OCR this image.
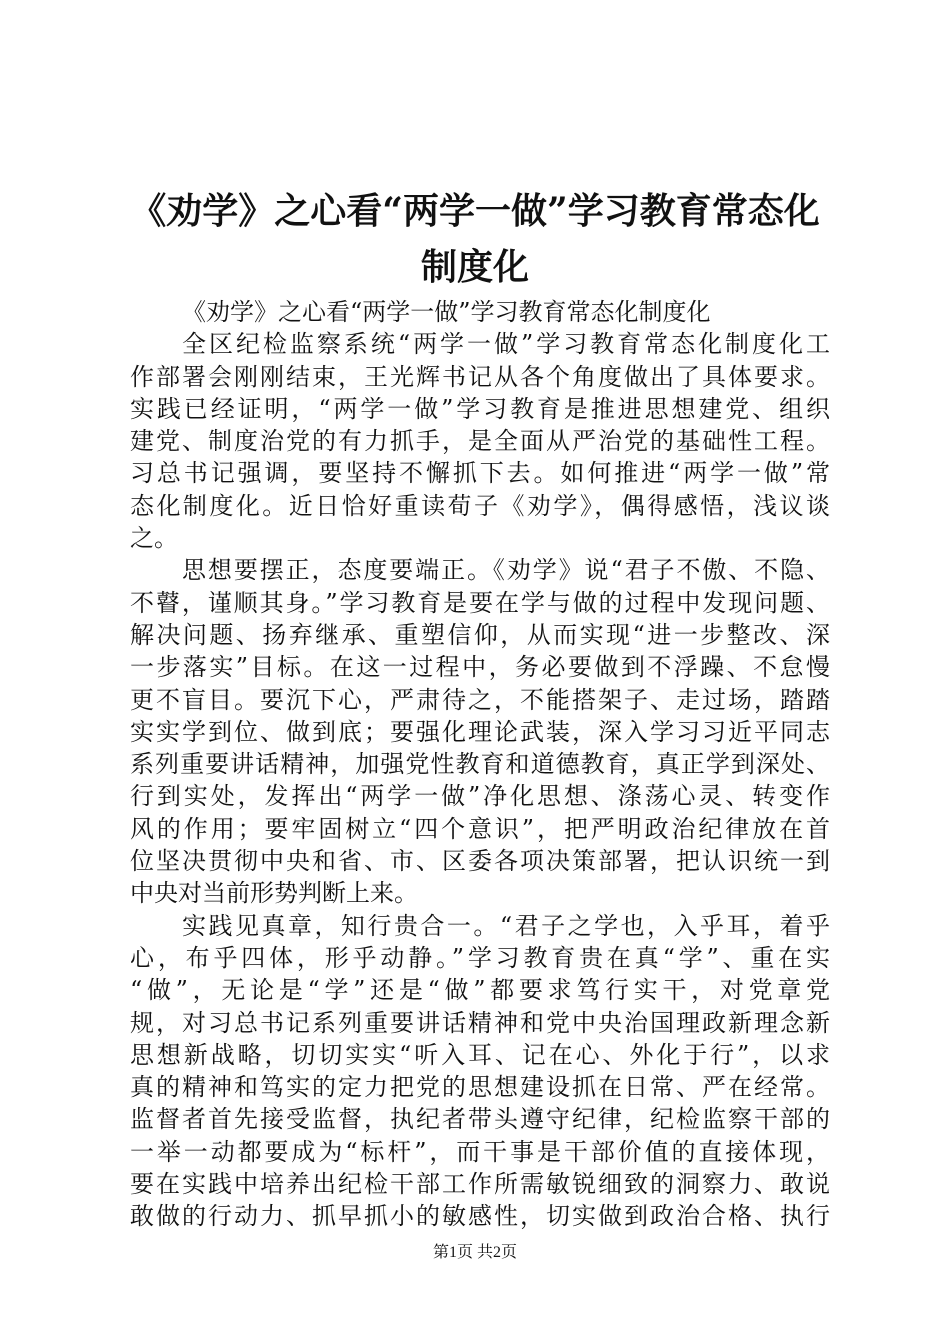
《劝学》之心看“两学一做”学习教育常态化
制度化
《劝学》之心看“两学一做”学习教育常态化制度化
全区纪检监察系统“两学一做”学习教育常态化制度化工
作部署会刚刚结束，王光辉书记从各个角度做出了具体要求。
实践已经证明，“两学一做”学习教育是推进思想建党、组织
建党、制度治党的有力抓手，是全面从严治党的基础性工程。
习总书记强调，要坚持不懈抓下去。如何推进“两学一做”常
态化制度化。近日恰好重读荀子《劝学》，偶得感悟，浅议谈
之。
思想要摆正，态度要端正。《劝学》说“君子不傲、不隐、
不瞽，谨顺其身。”学习教育是要在学与做的过程中发现问题、
解决问题、扬弃继承、重塑信仰，从而实现“进一步整改、深
一步落实”目标。在这一过程中，务必要做到不浮躁、不怠慢
更不盲目。要沉下心，严肃待之，不能搭架子、走过场，踏踏
实实学到位、做到底；要强化理论武装，深入学习习近平同志
系列重要讲话精神，加强党性教育和道德教育，真正学到深处、
行到实处，发挥出“两学一做”净化思想、涤荡心灵、转变作
风的作用；要牢固树立“四个意识”，把严明政治纪律放在首
位坚决贯彻中央和省、市、区委各项决策部署，把认识统一到
中央对当前形势判断上来。
实践见真章，知行贵合一。“君子之学也，入乎耳，着乎
心，布乎四体，形乎动静。”学习教育贵在真“学”、重在实
“做”，无论是“学”还是“做”都要求笃行实干，对党章党
规，对习总书记系列重要讲话精神和党中央治国理政新理念新
思想新战略，切切实实“听入耳、记在心、外化于行”，以求
真的精神和笃实的定力把党的思想建设抓在日常、严在经常。
监督者首先接受监督，执纪者带头遵守纪律，纪检监察干部的
一举一动都要成为“标杆”，而干事是干部价值的直接体现，
要在实践中培养出纪检干部工作所需敏锐细致的洞察力、敢说
敢做的行动力、抓早抓小的敏感性，切实做到政治合格、执行
第1页 共2页
